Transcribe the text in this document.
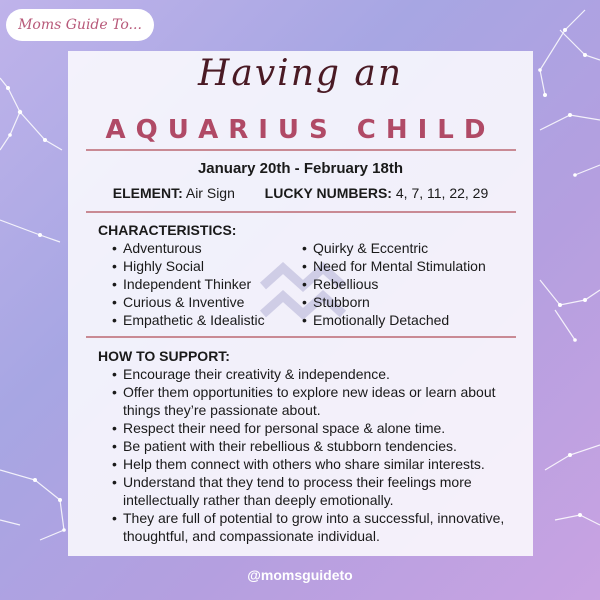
Moms Guide To...
Having an
AQUARIUS CHILD
January 20th - February 18th
ELEMENT: Air Sign LUCKY NUMBERS: 4, 7, 11, 22, 29
CHARACTERISTICS:
• Adventurous
• Highly Social
• Independent Thinker
• Curious & Inventive
• Empathetic & Idealistic
• Quirky & Eccentric
• Need for Mental Stimulation
• Rebellious
• Stubborn
• Emotionally Detached
HOW TO SUPPORT:
• Encourage their creativity & independence.
• Offer them opportunities to explore new ideas or learn about things they’re passionate about.
• Respect their need for personal space & alone time.
• Be patient with their rebellious & stubborn tendencies.
• Help them connect with others who share similar interests.
• Understand that they tend to process their feelings more intellectually rather than deeply emotionally.
• They are full of potential to grow into a successful, innovative, thoughtful, and compassionate individual.
@momsguideto
